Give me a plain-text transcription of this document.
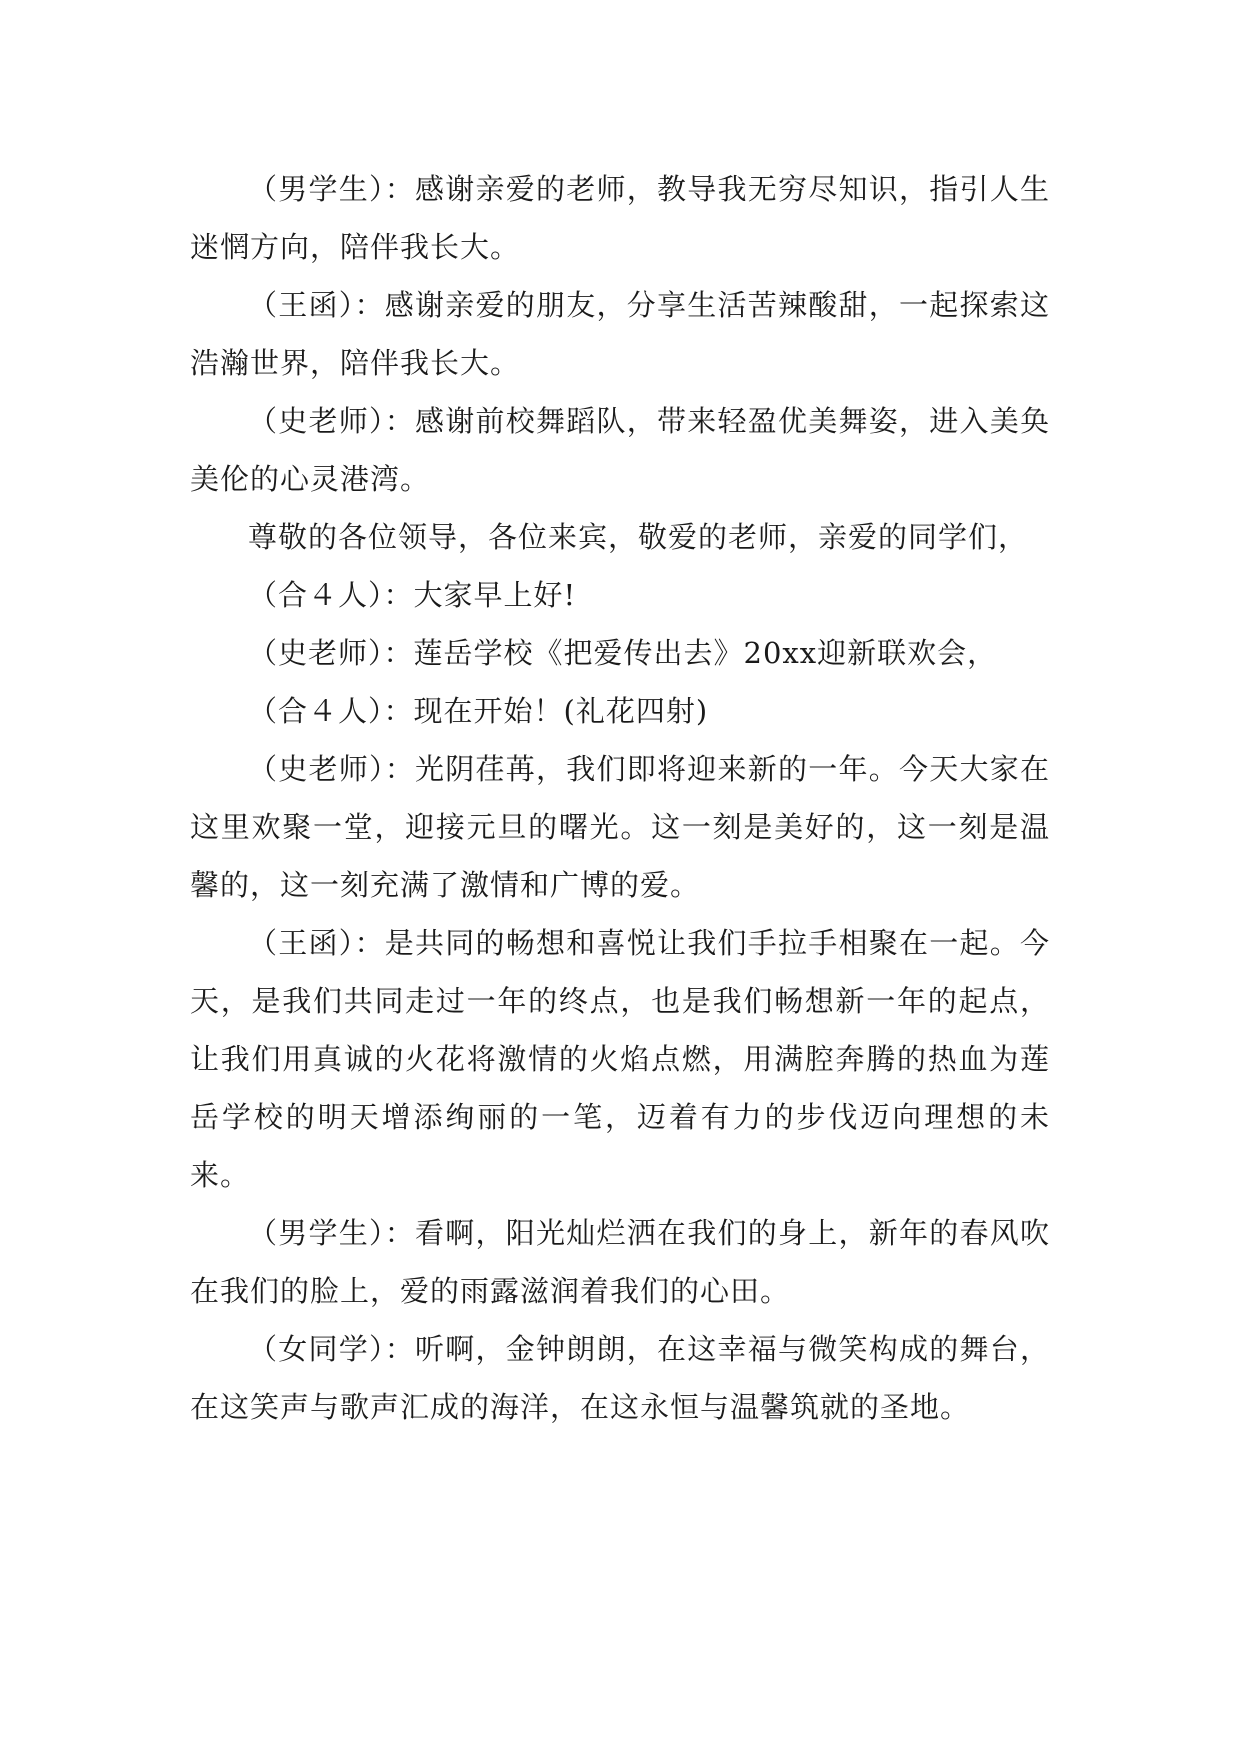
（男学生）：感谢亲爱的老师，教导我无穷尽知识，指引人生迷惘方向，陪伴我长大。

（王函）：感谢亲爱的朋友，分享生活苦辣酸甜，一起探索这浩瀚世界，陪伴我长大。

（史老师）：感谢前校舞蹈队，带来轻盈优美舞姿，进入美奂美伦的心灵港湾。

尊敬的各位领导，各位来宾，敬爱的老师，亲爱的同学们，

（合４人）：大家早上好!

（史老师）：莲岳学校《把爱传出去》20xx迎新联欢会，

（合４人）：现在开始！(礼花四射)

（史老师）：光阴荏苒，我们即将迎来新的一年。今天大家在这里欢聚一堂，迎接元旦的曙光。这一刻是美好的，这一刻是温馨的，这一刻充满了激情和广博的爱。

（王函）：是共同的畅想和喜悦让我们手拉手相聚在一起。今天，是我们共同走过一年的终点，也是我们畅想新一年的起点，让我们用真诚的火花将激情的火焰点燃，用满腔奔腾的热血为莲岳学校的明天增添绚丽的一笔，迈着有力的步伐迈向理想的未来。

（男学生）：看啊，阳光灿烂洒在我们的身上，新年的春风吹在我们的脸上，爱的雨露滋润着我们的心田。

（女同学）：听啊，金钟朗朗，在这幸福与微笑构成的舞台，在这笑声与歌声汇成的海洋，在这永恒与温馨筑就的圣地。
